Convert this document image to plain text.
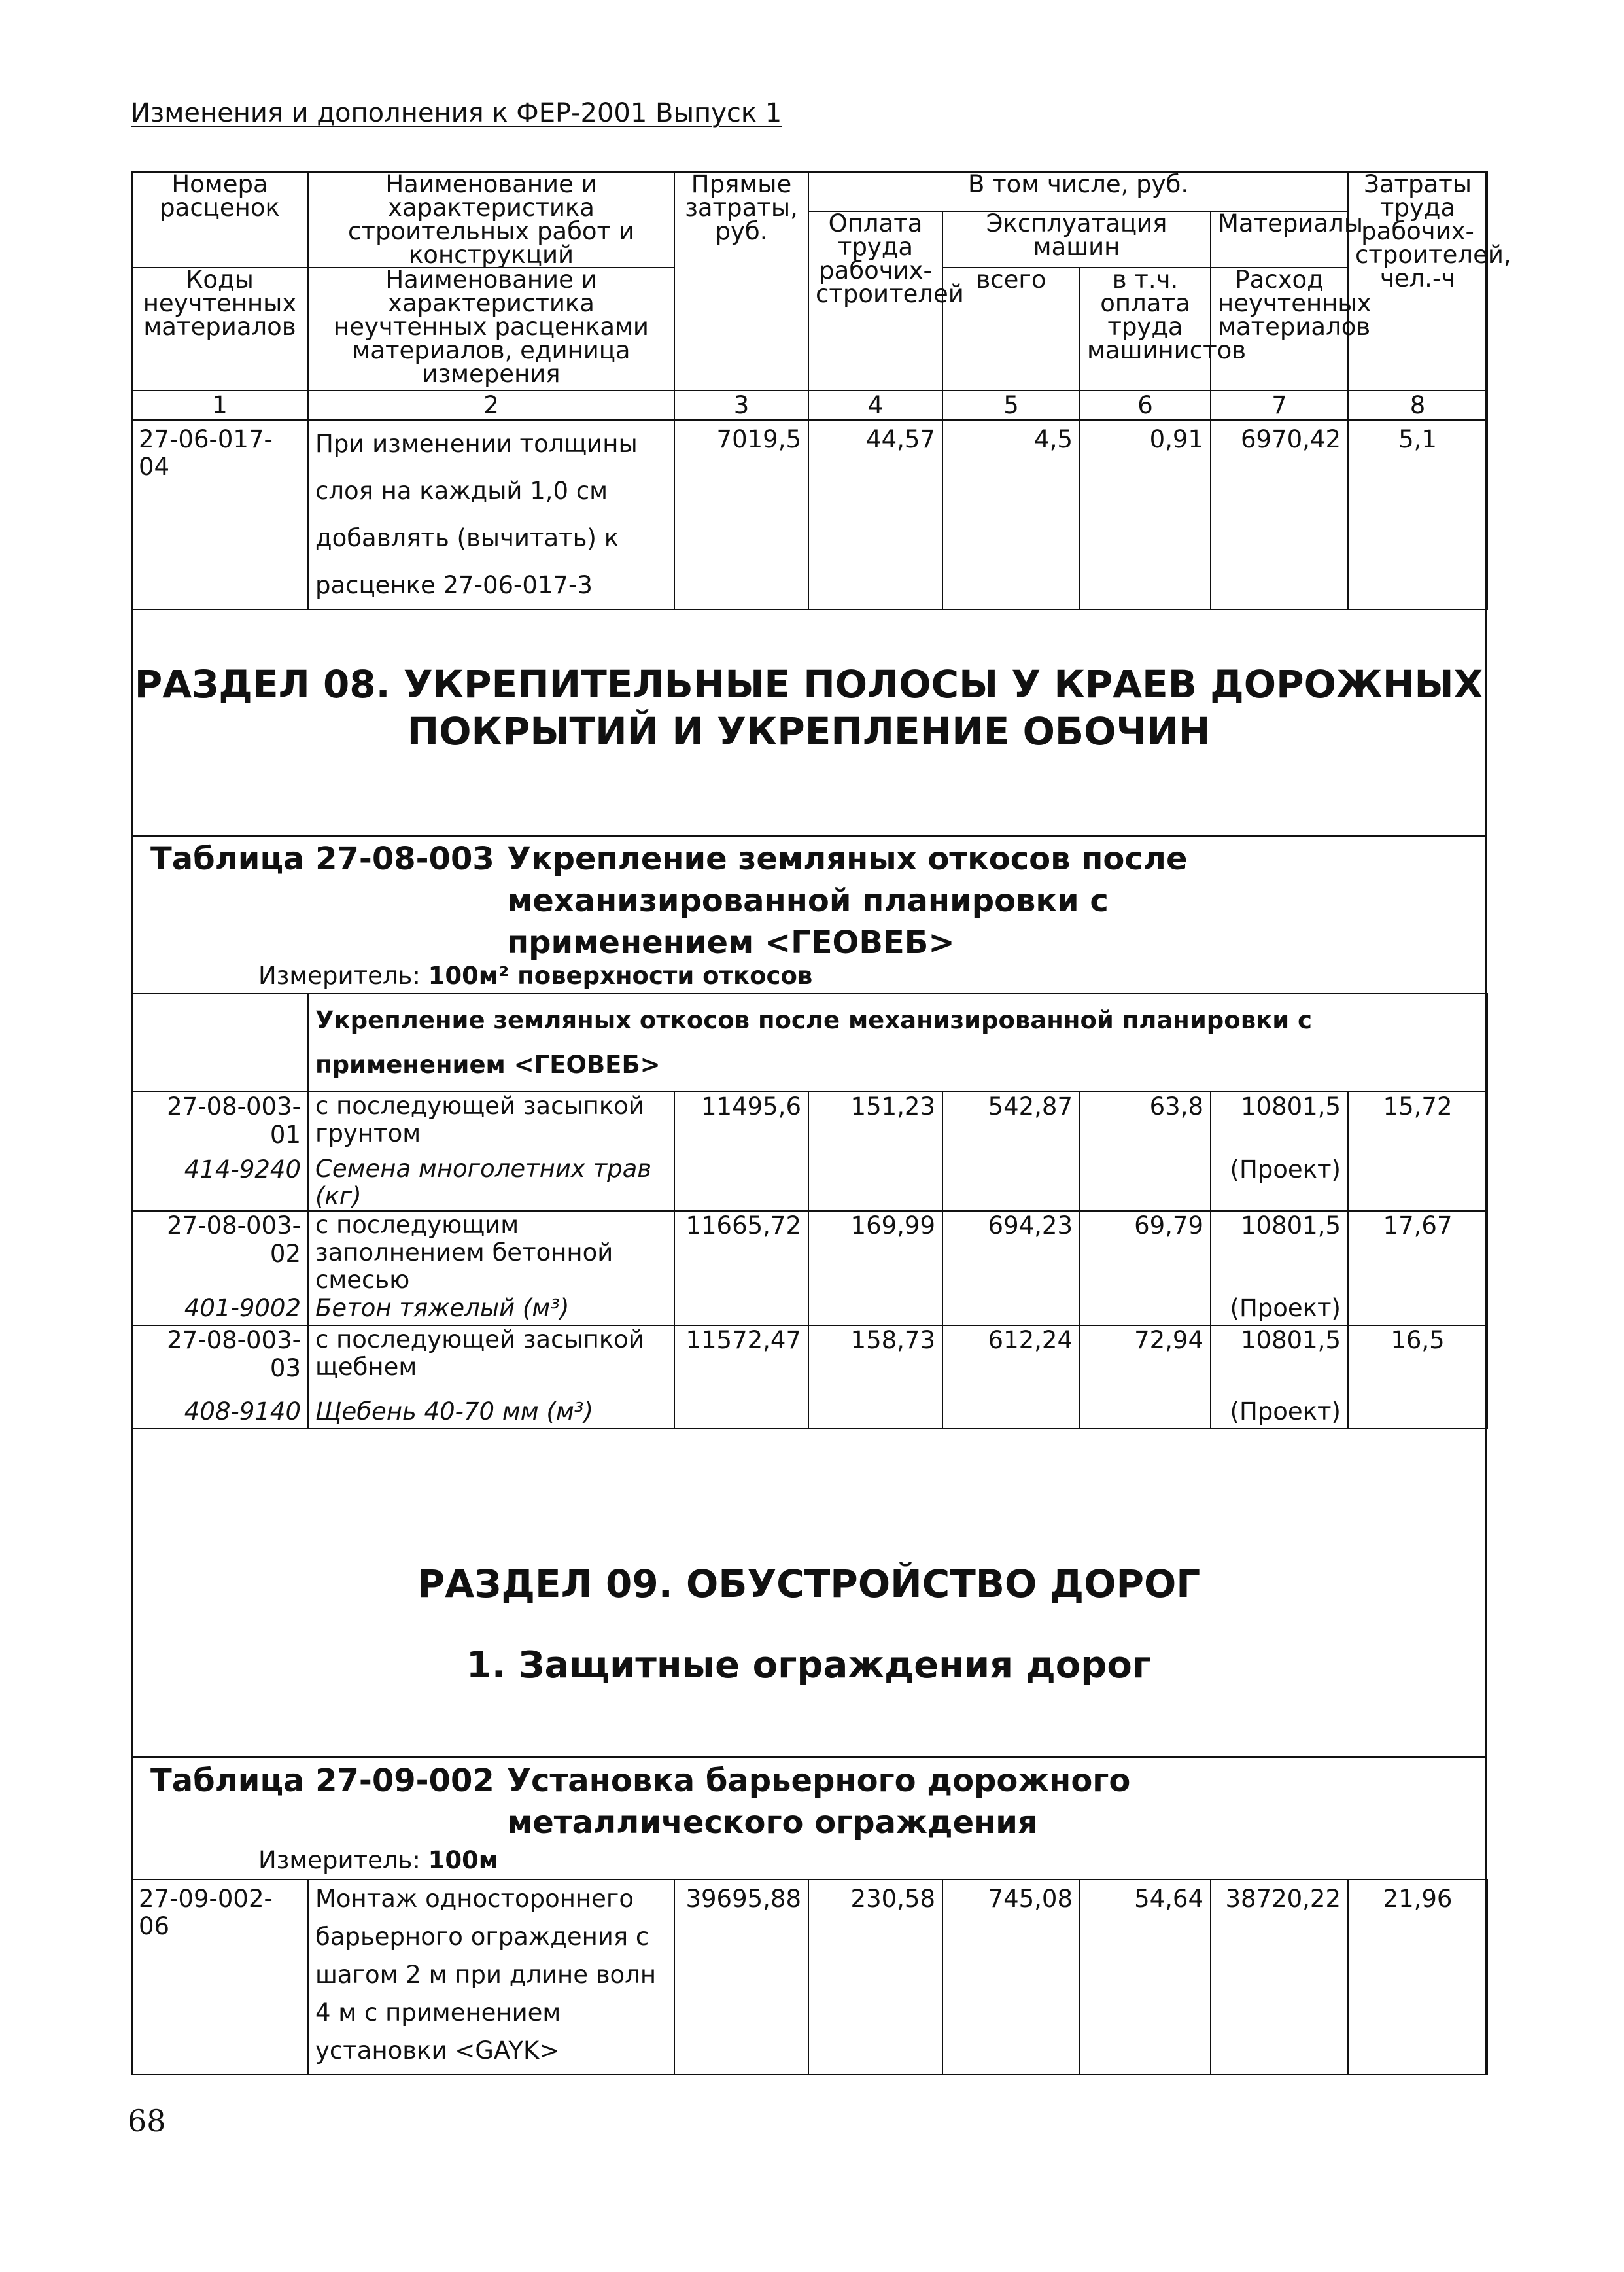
Изменения и дополнения к ФЕР-2001 Выпуск 1
Номера расценок	Наименование и характеристика строительных работ и конструкций	Прямые затраты, руб.	В том числе, руб.				Затраты труда рабочих-строителей, чел.-ч
			Оплата труда рабочих-строителей	Эксплуатация машин		Материалы	
Коды неучтенных материалов	Наименование и характеристика неучтенных расценками материалов, единица измерения			всего	в т.ч. оплата труда машинистов	Расход неучтенных материалов	

1	2	3	4	5	6	7	8
27-06-017-04	При изменении толщины слоя на каждый 1,0 см добавлять (вычитать) к расценке 27-06-017-3	7019,5	44,57	4,5	0,91	6970,42	5,1
РАЗДЕЛ 08. УКРЕПИТЕЛЬНЫЕ ПОЛОСЫ У КРАЕВ ДОРОЖНЫХ
ПОКРЫТИЙ И УКРЕПЛЕНИЕ ОБОЧИН
Таблица 27-08-003 Укрепление земляных откосов после механизированной планировки с применением <ГЕОВЕБ>
Измеритель: 100м² поверхности откосов
	Укрепление земляных откосов после механизированной планировки с применением <ГЕОВЕБ>						
27-08-003-01	с последующей засыпкой грунтом	11495,6	151,23	542,87	63,8	10801,5	15,72
414-9240	Семена многолетних трав (кг)					(Проект)	
27-08-003-02	с последующим заполнением бетонной смесью	11665,72	169,99	694,23	69,79	10801,5	17,67
401-9002	Бетон тяжелый (м³)					(Проект)	
27-08-003-03	с последующей засыпкой щебнем	11572,47	158,73	612,24	72,94	10801,5	16,5
408-9140	Щебень 40-70 мм (м³)					(Проект)	
РАЗДЕЛ 09. ОБУСТРОЙСТВО ДОРОГ
1. Защитные ограждения дорог
Таблица 27-09-002 Установка барьерного дорожного металлического ограждения
Измеритель: 100м
27-09-002-06	Монтаж одностороннего барьерного ограждения с шагом 2 м при длине волн 4 м с применением установки <GAYK>	39695,88	230,58	745,08	54,64	38720,22	21,96
68
